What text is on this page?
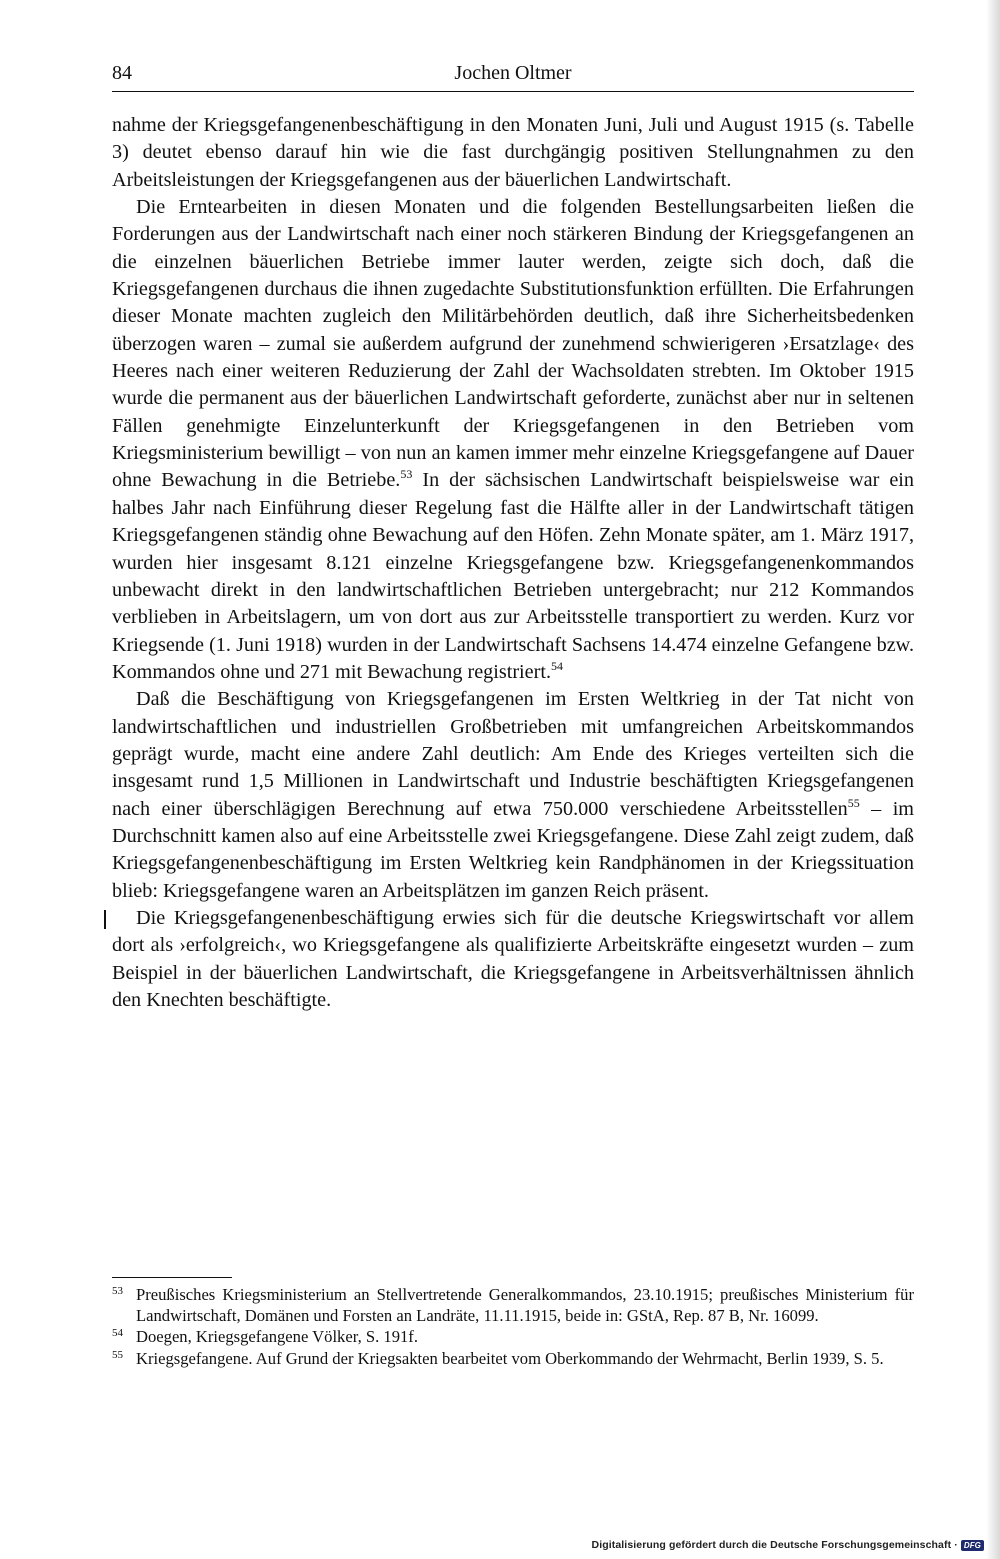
84	Jochen Oltmer

nahme der Kriegsgefangenenbeschäftigung in den Monaten Juni, Juli und August 1915 (s. Tabelle 3) deutet ebenso darauf hin wie die fast durchgängig positiven Stellungnahmen zu den Arbeitsleistungen der Kriegsgefangenen aus der bäuerlichen Landwirtschaft.

Die Erntearbeiten in diesen Monaten und die folgenden Bestellungsarbeiten ließen die Forderungen aus der Landwirtschaft nach einer noch stärkeren Bindung der Kriegsgefangenen an die einzelnen bäuerlichen Betriebe immer lauter werden, zeigte sich doch, daß die Kriegsgefangenen durchaus die ihnen zugedachte Substitutionsfunktion erfüllten. Die Erfahrungen dieser Monate machten zugleich den Militärbehörden deutlich, daß ihre Sicherheitsbedenken überzogen waren – zumal sie außerdem aufgrund der zunehmend schwierigeren ›Ersatzlage‹ des Heeres nach einer weiteren Reduzierung der Zahl der Wachsoldaten strebten. Im Oktober 1915 wurde die permanent aus der bäuerlichen Landwirtschaft geforderte, zunächst aber nur in seltenen Fällen genehmigte Einzelunterkunft der Kriegsgefangenen in den Betrieben vom Kriegsministerium bewilligt – von nun an kamen immer mehr einzelne Kriegsgefangene auf Dauer ohne Bewachung in die Betriebe.$^{53}$ In der sächsischen Landwirtschaft beispielsweise war ein halbes Jahr nach Einführung dieser Regelung fast die Hälfte aller in der Landwirtschaft tätigen Kriegsgefangenen ständig ohne Bewachung auf den Höfen. Zehn Monate später, am 1. März 1917, wurden hier insgesamt 8.121 einzelne Kriegsgefangene bzw. Kriegsgefangenenkommandos unbewacht direkt in den landwirtschaftlichen Betrieben untergebracht; nur 212 Kommandos verblieben in Arbeitslagern, um von dort aus zur Arbeitsstelle transportiert zu werden. Kurz vor Kriegsende (1. Juni 1918) wurden in der Landwirtschaft Sachsens 14.474 einzelne Gefangene bzw. Kommandos ohne und 271 mit Bewachung registriert.$^{54}$

Daß die Beschäftigung von Kriegsgefangenen im Ersten Weltkrieg in der Tat nicht von landwirtschaftlichen und industriellen Großbetrieben mit umfangreichen Arbeitskommandos geprägt wurde, macht eine andere Zahl deutlich: Am Ende des Krieges verteilten sich die insgesamt rund 1,5 Millionen in Landwirtschaft und Industrie beschäftigten Kriegsgefangenen nach einer überschlägigen Berechnung auf etwa 750.000 verschiedene Arbeitsstellen$^{55}$ – im Durchschnitt kamen also auf eine Arbeitsstelle zwei Kriegsgefangene. Diese Zahl zeigt zudem, daß Kriegsgefangenenbeschäftigung im Ersten Weltkrieg kein Randphänomen in der Kriegssituation blieb: Kriegsgefangene waren an Arbeitsplätzen im ganzen Reich präsent.

Die Kriegsgefangenenbeschäftigung erwies sich für die deutsche Kriegswirtschaft vor allem dort als ›erfolgreich‹, wo Kriegsgefangene als qualifizierte Arbeitskräfte eingesetzt wurden – zum Beispiel in der bäuerlichen Landwirtschaft, die Kriegsgefangene in Arbeitsverhältnissen ähnlich den Knechten beschäftigte.

53 Preußisches Kriegsministerium an Stellvertretende Generalkommandos, 23.10.1915; preußisches Ministerium für Landwirtschaft, Domänen und Forsten an Landräte, 11.11.1915, beide in: GStA, Rep. 87 B, Nr. 16099.

54 Doegen, Kriegsgefangene Völker, S. 191f.

55 Kriegsgefangene. Auf Grund der Kriegsakten bearbeitet vom Oberkommando der Wehrmacht, Berlin 1939, S. 5.

Digitalisierung gefördert durch die Deutsche Forschungsgemeinschaft · DFG
